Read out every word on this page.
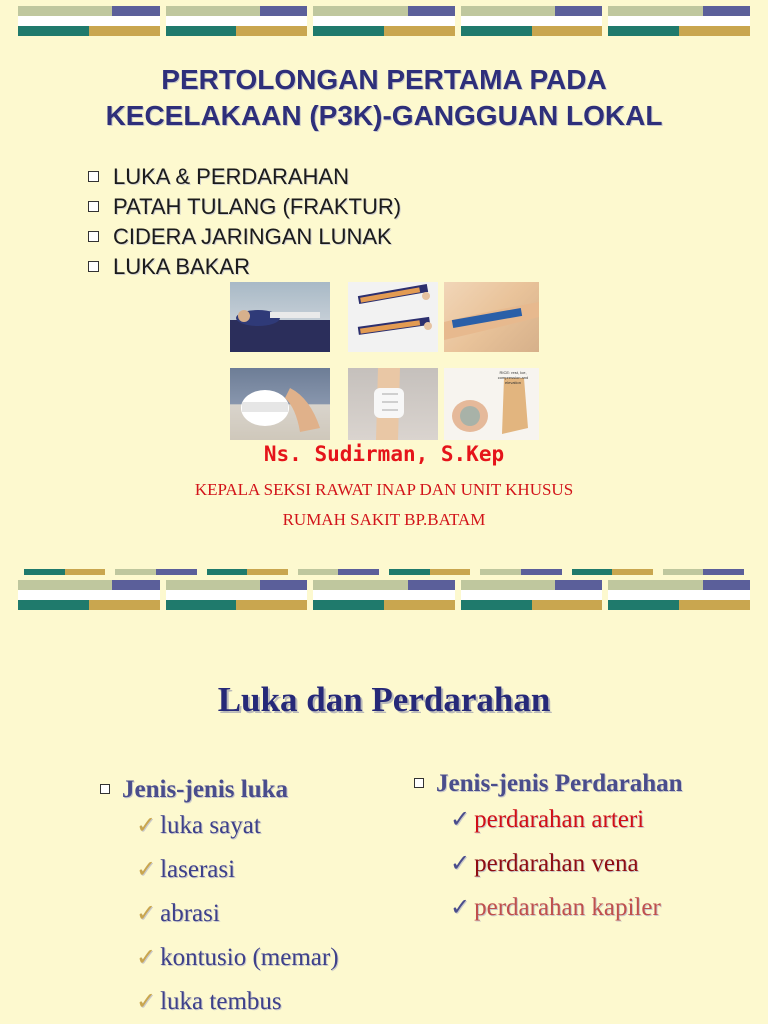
PERTOLONGAN PERTAMA PADA
KECELAKAAN (P3K)-GANGGUAN LOKAL
LUKA & PERDARAHAN
PATAH TULANG (FRAKTUR)
CIDERA JARINGAN LUNAK
LUKA BAKAR
RICE: rest, Ice, compression and elevation
Ns. Sudirman, S.Kep
KEPALA SEKSI RAWAT INAP DAN UNIT KHUSUS
RUMAH SAKIT BP.BATAM
Luka dan Perdarahan
Jenis-jenis luka
✓ luka sayat
✓ laserasi
✓ abrasi
✓ kontusio (memar)
✓ luka tembus
Jenis-jenis Perdarahan
✓ perdarahan arteri
✓ perdarahan vena
✓ perdarahan kapiler
